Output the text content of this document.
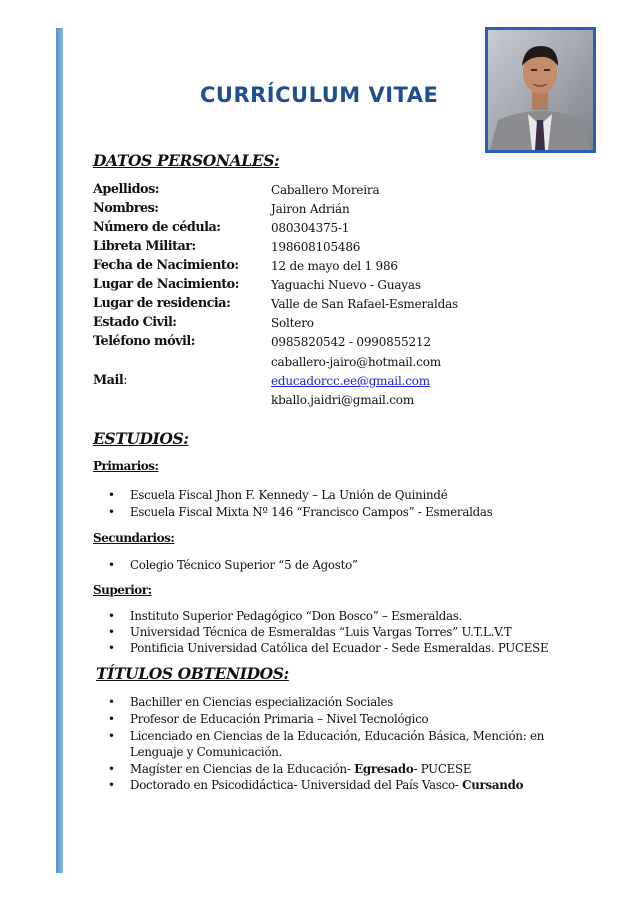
CURRÍCULUM VITAE
DATOS PERSONALES:
Apellidos:	Caballero Moreira
Nombres:	Jairon Adrián
Número de cédula:	080304375-1
Libreta Militar:	198608105486
Fecha de Nacimiento:	12 de mayo del 1 986
Lugar de Nacimiento:	Yaguachi Nuevo - Guayas
Lugar de residencia:	Valle de San Rafael-Esmeraldas
Estado Civil:	Soltero
Teléfono móvil:	0985820542 - 0990855212
caballero-jairo@hotmail.com
Mail:	educadorcc.ee@gmail.com
kballo.jaidri@gmail.com
ESTUDIOS:
Primarios:
• Escuela Fiscal Jhon F. Kennedy – La Unión de Quinindé
• Escuela Fiscal Mixta Nº 146 “Francisco Campos” - Esmeraldas
Secundarios:
• Colegio Técnico Superior “5 de Agosto”
Superior:
• Instituto Superior Pedagógico “Don Bosco” – Esmeraldas.
• Universidad Técnica de Esmeraldas “Luis Vargas Torres” U.T.L.V.T
• Pontificia Universidad Católica del Ecuador - Sede Esmeraldas. PUCESE
TÍTULOS OBTENIDOS:
• Bachiller en Ciencias especialización Sociales
• Profesor de Educación Primaria – Nivel Tecnológico
• Licenciado en Ciencias de la Educación, Educación Básica, Mención: en
Lenguaje y Comunicación.
• Magíster en Ciencias de la Educación- Egresado- PUCESE
• Doctorado en Psicodidáctica- Universidad del País Vasco- Cursando
